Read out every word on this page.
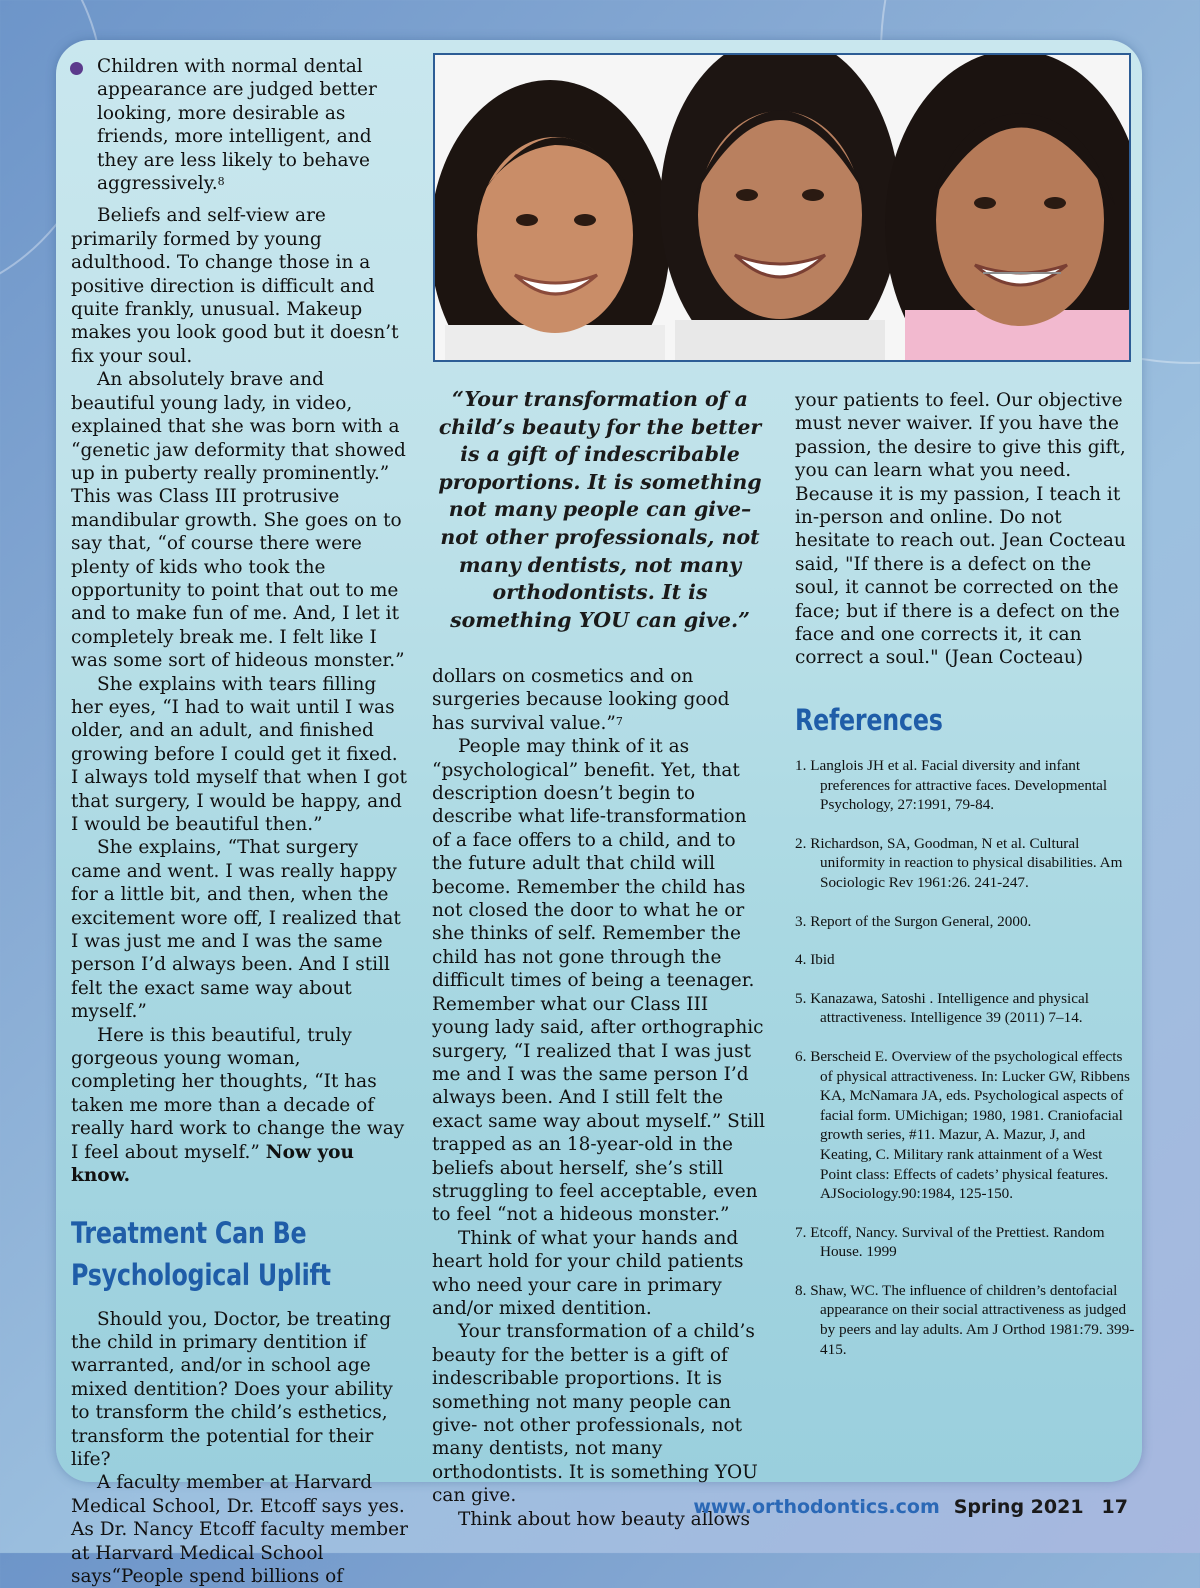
Children with normal dental appearance are judged better looking, more desirable as friends, more intelligent, and they are less likely to behave aggressively.$^8$

Beliefs and self-view are primarily formed by young adulthood. To change those in a positive direction is difficult and quite frankly, unusual. Makeup makes you look good but it doesn’t fix your soul.

An absolutely brave and beautiful young lady, in video, explained that she was born with a “genetic jaw deformity that showed up in puberty really prominently.” This was Class III protrusive mandibular growth. She goes on to say that, “of course there were plenty of kids who took the opportunity to point that out to me and to make fun of me. And, I let it completely break me. I felt like I was some sort of hideous monster.”

She explains with tears filling her eyes, “I had to wait until I was older, and an adult, and finished growing before I could get it fixed. I always told myself that when I got that surgery, I would be happy, and I would be beautiful then.”

She explains, “That surgery came and went. I was really happy for a little bit, and then, when the excitement wore off, I realized that I was just me and I was the same person I’d always been. And I still felt the exact same way about myself.”

Here is this beautiful, truly gorgeous young woman, completing her thoughts, “It has taken me more than a decade of really hard work to change the way I feel about myself.” Now you know.

Treatment Can Be Psychological Uplift

Should you, Doctor, be treating the child in primary dentition if warranted, and/or in school age mixed dentition? Does your ability to transform the child’s esthetics, transform the potential for their life?

A faculty member at Harvard Medical School, Dr. Etcoff says yes. As Dr. Nancy Etcoff faculty member at Harvard Medical School says“People spend billions of

“Your transformation of a child’s beauty for the better is a gift of indescribable proportions. It is something not many people can give– not other professionals, not many dentists, not many orthodontists. It is something YOU can give.”

dollars on cosmetics and on surgeries because looking good has survival value.”$^7$

People may think of it as “psychological” benefit. Yet, that description doesn’t begin to describe what life-transformation of a face offers to a child, and to the future adult that child will become. Remember the child has not closed the door to what he or she thinks of self. Remember the child has not gone through the difficult times of being a teenager. Remember what our Class III young lady said, after orthographic surgery, “I realized that I was just me and I was the same person I’d always been. And I still felt the exact same way about myself.” Still trapped as an 18-year-old in the beliefs about herself, she’s still struggling to feel acceptable, even to feel “not a hideous monster.”

Think of what your hands and heart hold for your child patients who need your care in primary and/or mixed dentition.

Your transformation of a child’s beauty for the better is a gift of indescribable proportions. It is something not many people can give- not other professionals, not many dentists, not many orthodontists. It is something YOU can give.

Think about how beauty allows

your patients to feel. Our objective must never waiver. If you have the passion, the desire to give this gift, you can learn what you need. Because it is my passion, I teach it in-person and online. Do not hesitate to reach out. Jean Cocteau said, "If there is a defect on the soul, it cannot be corrected on the face; but if there is a defect on the face and one corrects it, it can correct a soul." (Jean Cocteau)

References

1. Langlois JH et al. Facial diversity and infant preferences for attractive faces. Developmental Psychology, 27:1991, 79-84.

2. Richardson, SA, Goodman, N et al. Cultural uniformity in reaction to physical disabilities. Am Sociologic Rev 1961:26. 241-247.

3. Report of the Surgon General, 2000.

4. Ibid

5. Kanazawa, Satoshi . Intelligence and physical attractiveness. Intelligence 39 (2011) 7–14.

6. Berscheid E. Overview of the psychological effects of physical attractiveness. In: Lucker GW, Ribbens KA, McNamara JA, eds. Psychological aspects of facial form. UMichigan; 1980, 1981. Craniofacial growth series, #11. Mazur, A. Mazur, J, and Keating, C. Military rank attainment of a West Point class: Effects of cadets’ physical features. AJSociology.90:1984, 125-150.

7. Etcoff, Nancy. Survival of the Prettiest. Random House. 1999

8. Shaw, WC. The influence of children’s dentofacial appearance on their social attractiveness as judged by peers and lay adults. Am J Orthod 1981:79. 399-415.

www.orthodontics.com Spring 2021 17
